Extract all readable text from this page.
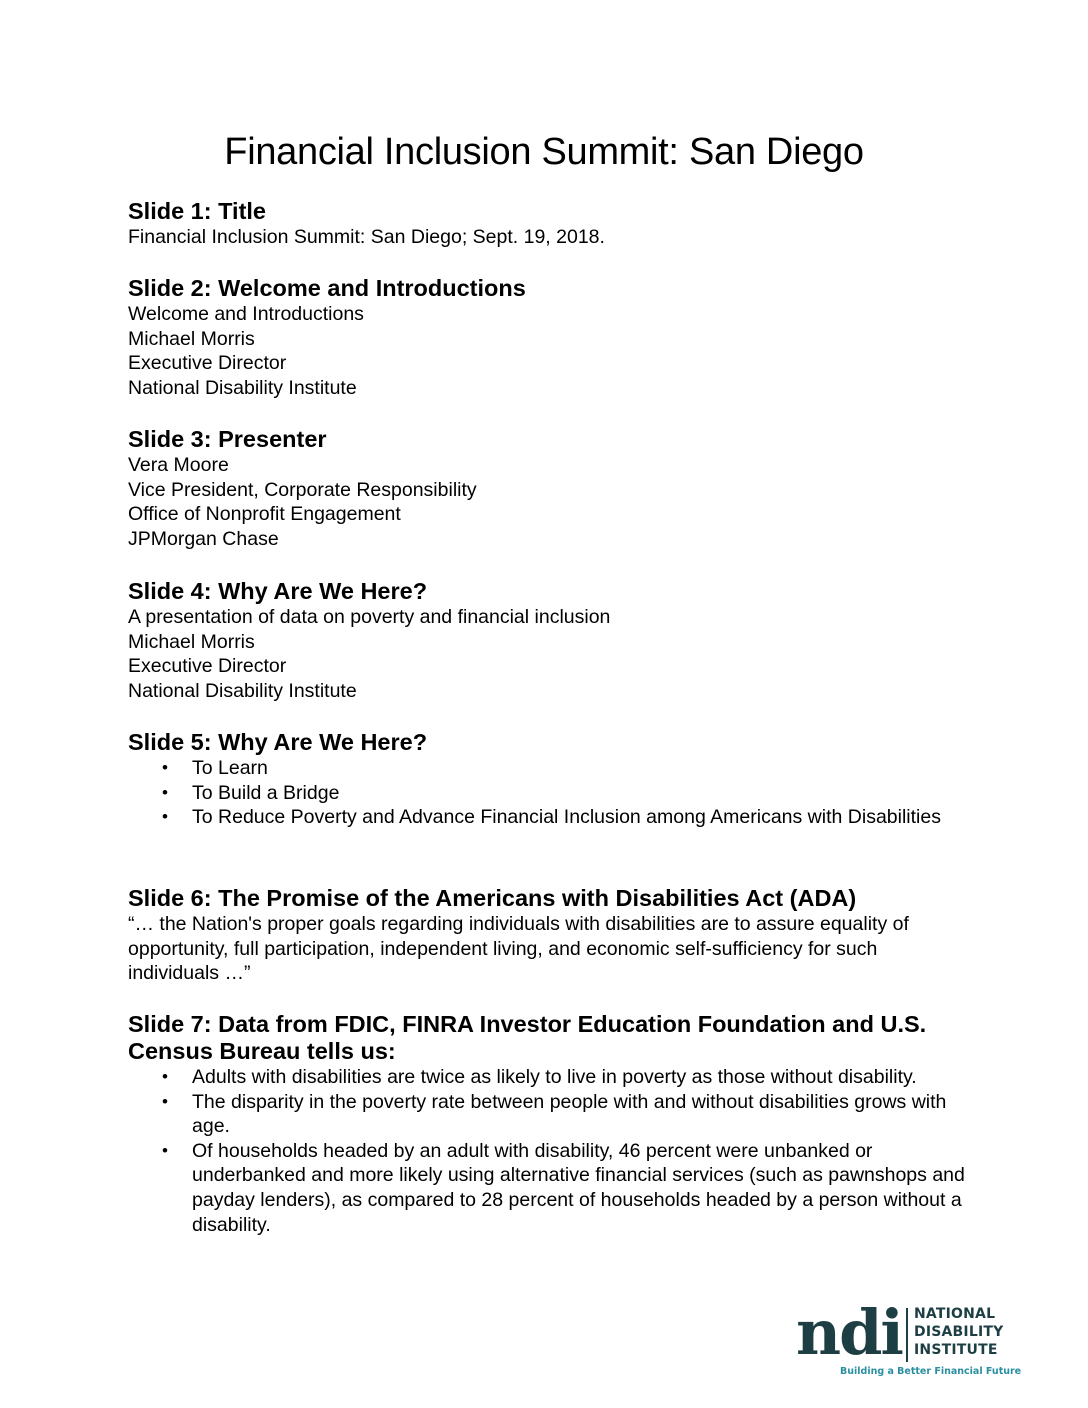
Financial Inclusion Summit: San Diego
Slide 1: Title

Financial Inclusion Summit: San Diego; Sept. 19, 2018.

Slide 2: Welcome and Introductions

Welcome and Introductions

Michael Morris

Executive Director

National Disability Institute

Slide 3: Presenter

Vera Moore

Vice President, Corporate Responsibility

Office of Nonprofit Engagement

JPMorgan Chase

Slide 4: Why Are We Here?

A presentation of data on poverty and financial inclusion

Michael Morris

Executive Director

National Disability Institute

Slide 5: Why Are We Here?
• To Learn
• To Build a Bridge
• To Reduce Poverty and Advance Financial Inclusion among Americans with Disabilities
Slide 6: The Promise of the Americans with Disabilities Act (ADA)

“… the Nation's proper goals regarding individuals with disabilities are to assure equality of opportunity, full participation, independent living, and economic self-sufficiency for such individuals …”

Slide 7: Data from FDIC, FINRA Investor Education Foundation and U.S. Census Bureau tells us:
• Adults with disabilities are twice as likely to live in poverty as those without disability.
• The disparity in the poverty rate between people with and without disabilities grows with age.
• Of households headed by an adult with disability, 46 percent were unbanked or underbanked and more likely using alternative financial services (such as pawnshops and payday lenders), as compared to 28 percent of households headed by a person without a disability.
ndi NATIONAL
DISABILITY
INSTITUTE
Building a Better Financial Future
